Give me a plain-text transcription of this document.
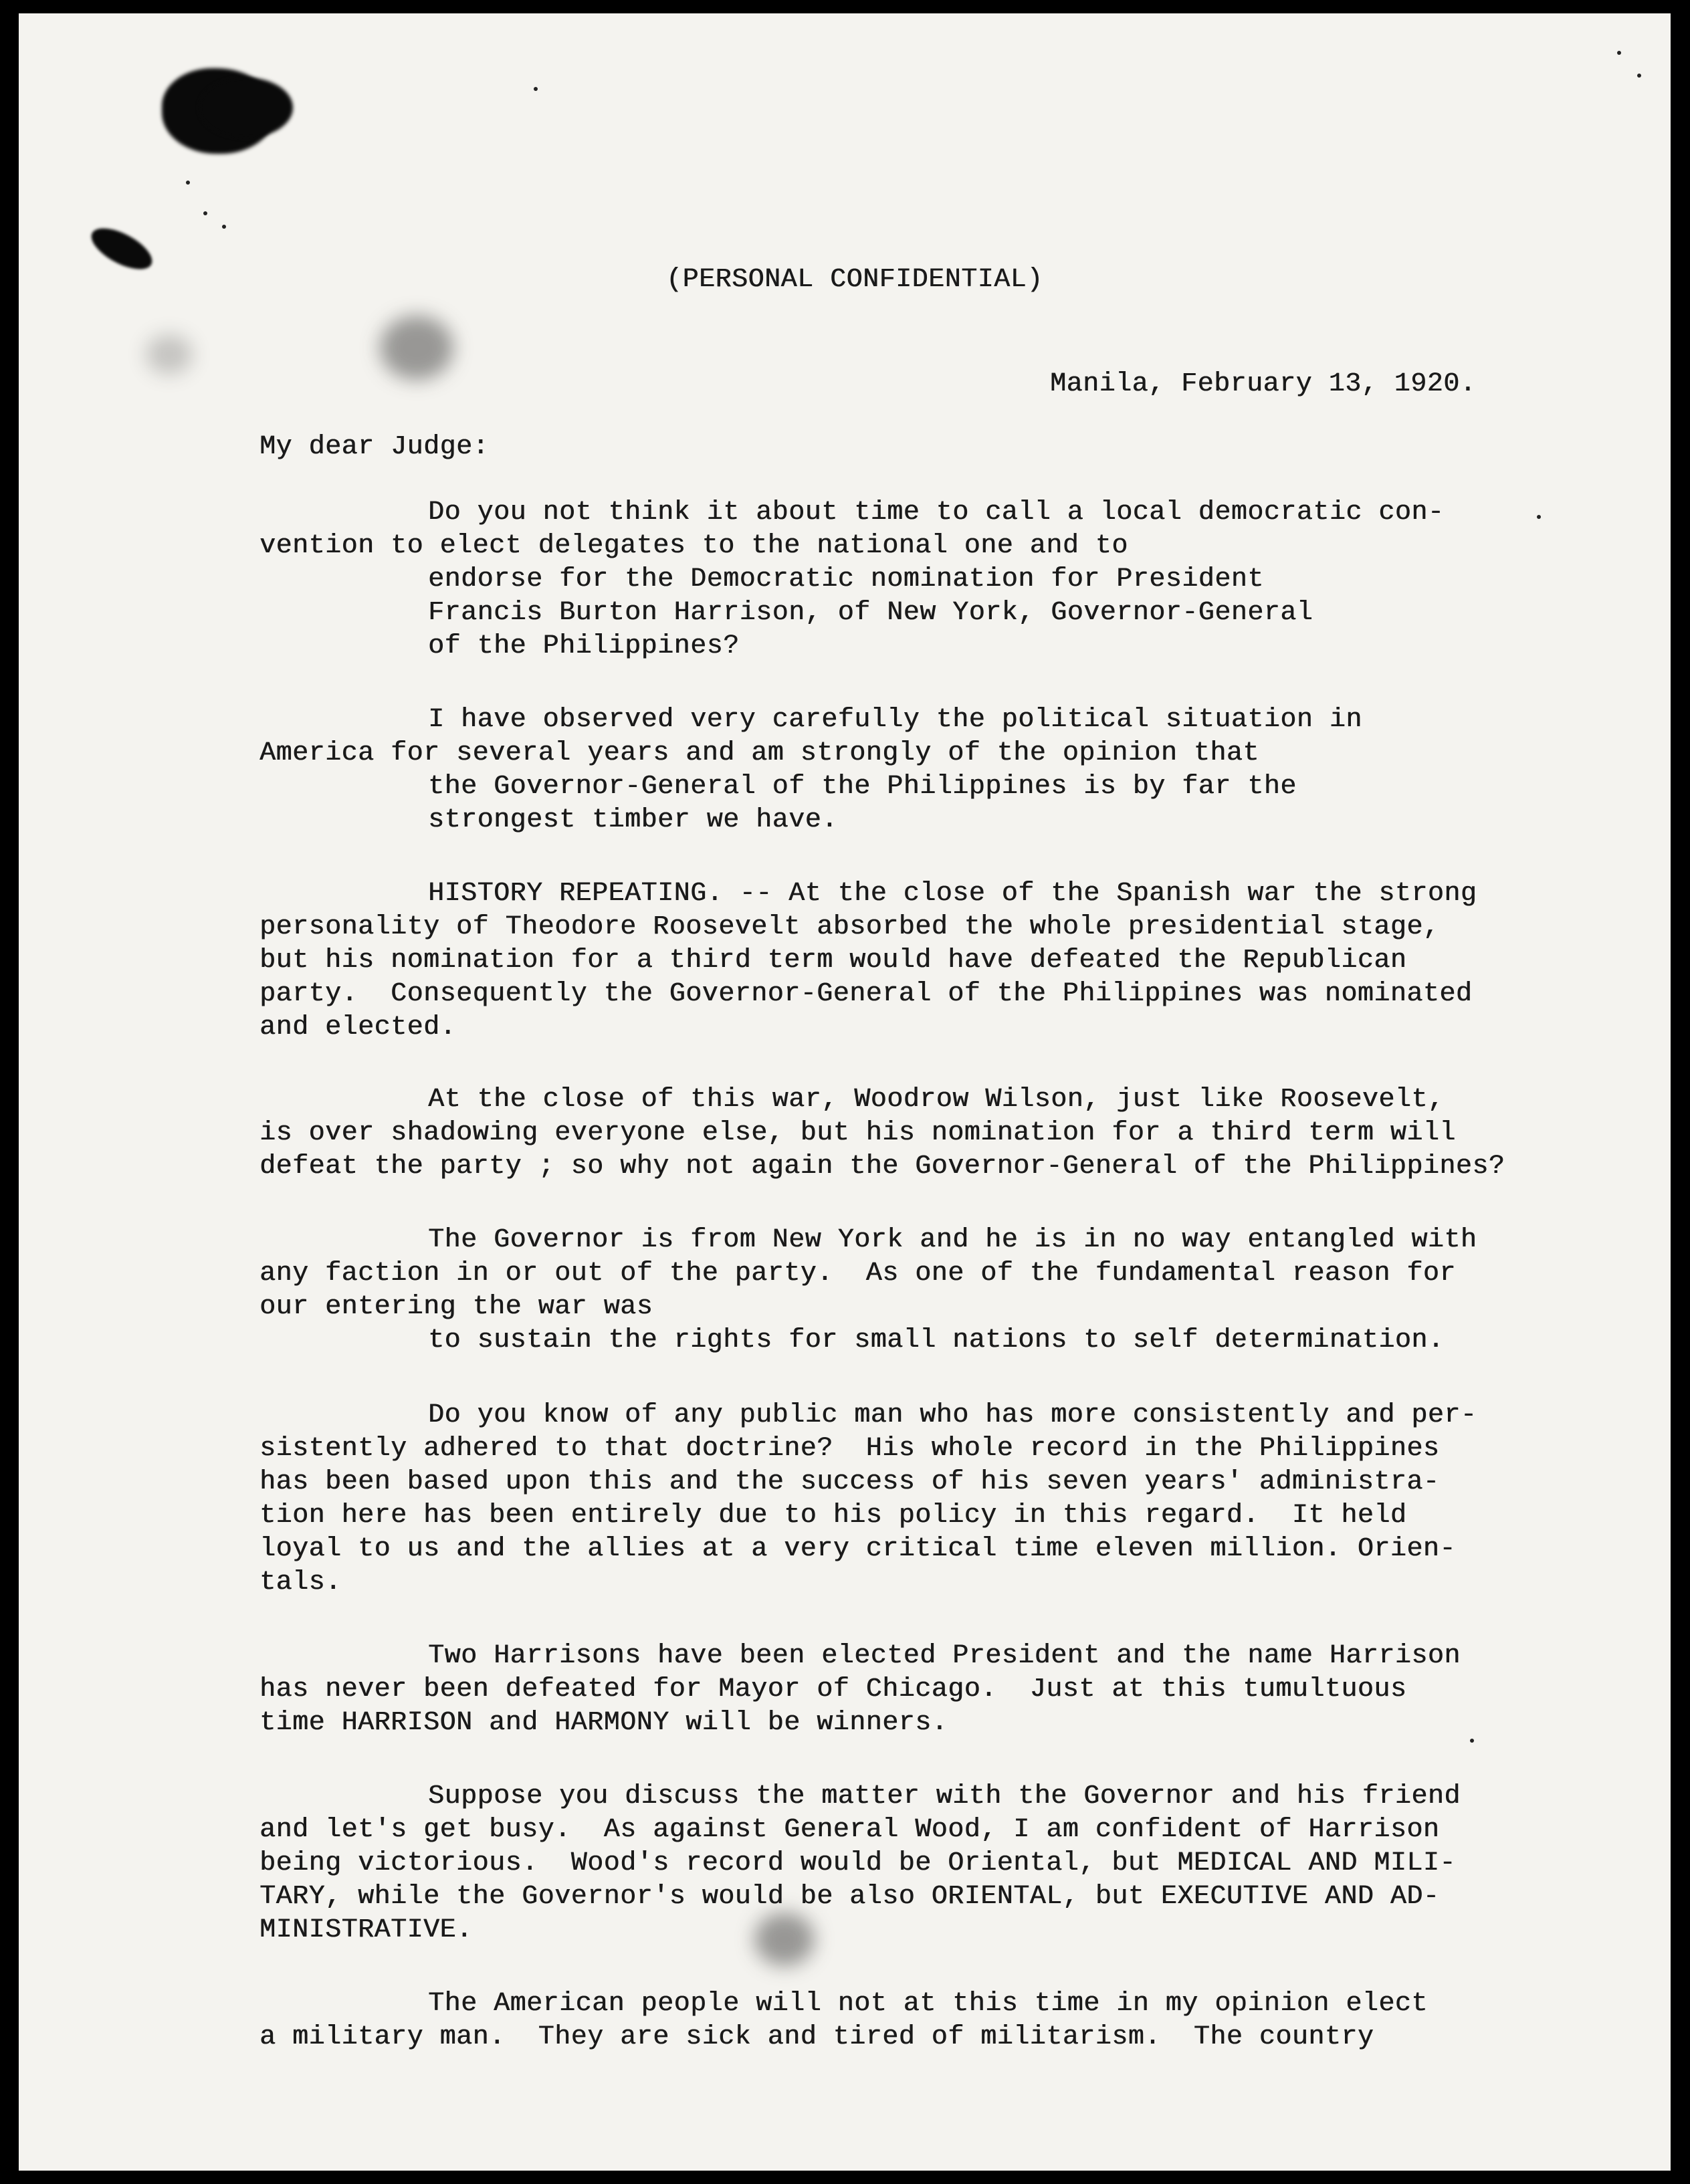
(PERSONAL CONFIDENTIAL)

Manila, February 13, 1920.

My dear Judge:

Do you not think it about time to call a local democratic con-

vention to elect delegates to the national one and to

endorse for the Democratic nomination for President

Francis Burton Harrison, of New York, Governor-General

of the Philippines?

I have observed very carefully the political situation in

America for several years and am strongly of the opinion that

the Governor-General of the Philippines is by far the

strongest timber we have.

HISTORY REPEATING. -- At the close of the Spanish war the strong

personality of Theodore Roosevelt absorbed the whole presidential stage,

but his nomination for a third term would have defeated the Republican

party.  Consequently the Governor-General of the Philippines was nominated

and elected.

At the close of this war, Woodrow Wilson, just like Roosevelt,

is over shadowing everyone else, but his nomination for a third term will

defeat the party ; so why not again the Governor-General of the Philippines?

The Governor is from New York and he is in no way entangled with

any faction in or out of the party.  As one of the fundamental reason for

our entering the war was

to sustain the rights for small nations to self determination.

Do you know of any public man who has more consistently and per-

sistently adhered to that doctrine?  His whole record in the Philippines

has been based upon this and the success of his seven years' administra-

tion here has been entirely due to his policy in this regard.  It held

loyal to us and the allies at a very critical time eleven million. Orien-

tals.

Two Harrisons have been elected President and the name Harrison

has never been defeated for Mayor of Chicago.  Just at this tumultuous

time HARRISON and HARMONY will be winners.

Suppose you discuss the matter with the Governor and his friend

and let's get busy.  As against General Wood, I am confident of Harrison

being victorious.  Wood's record would be Oriental, but MEDICAL AND MILI-

TARY, while the Governor's would be also ORIENTAL, but EXECUTIVE AND AD-

MINISTRATIVE.

The American people will not at this time in my opinion elect

a military man.  They are sick and tired of militarism.  The country
